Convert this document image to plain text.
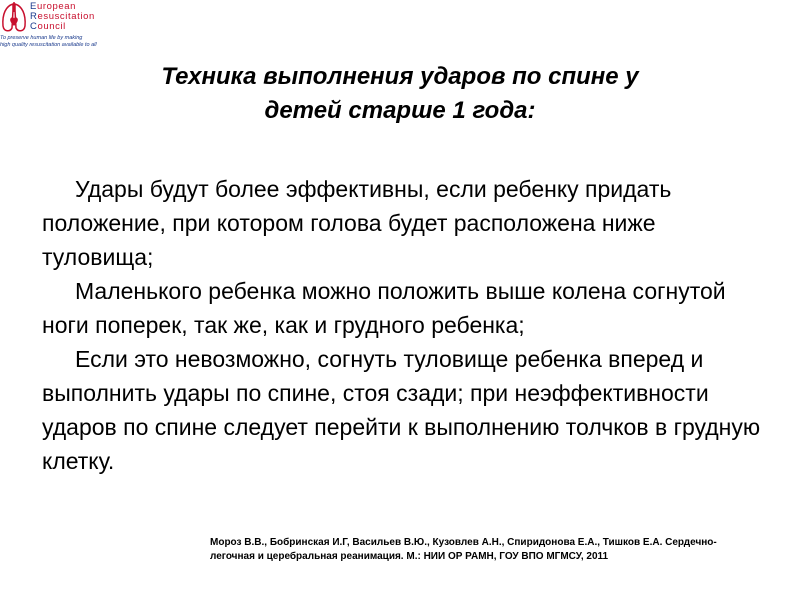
European
Resuscitation
Council
To preserve human life by making
high quality resuscitation available to all
Техника выполнения ударов по спине у
детей старше 1 года:

Удары будут более эффективны, если ребенку придать положение, при котором голова будет расположена ниже туловища;

Маленького ребенка можно положить выше колена согнутой ноги поперек, так же, как и грудного ребенка;

Если это невозможно, согнуть туловище ребенка вперед и выполнить удары по спине, стоя сзади; при неэффективности ударов по спине следует перейти к выполнению толчков в грудную клетку.

Мороз В.В., Бобринская И.Г, Васильев В.Ю., Кузовлев А.Н., Спиридонова Е.А., Тишков Е.А. Сердечно-
легочная и церебральная реанимация. М.: НИИ ОР РАМН, ГОУ ВПО МГМСУ, 2011
